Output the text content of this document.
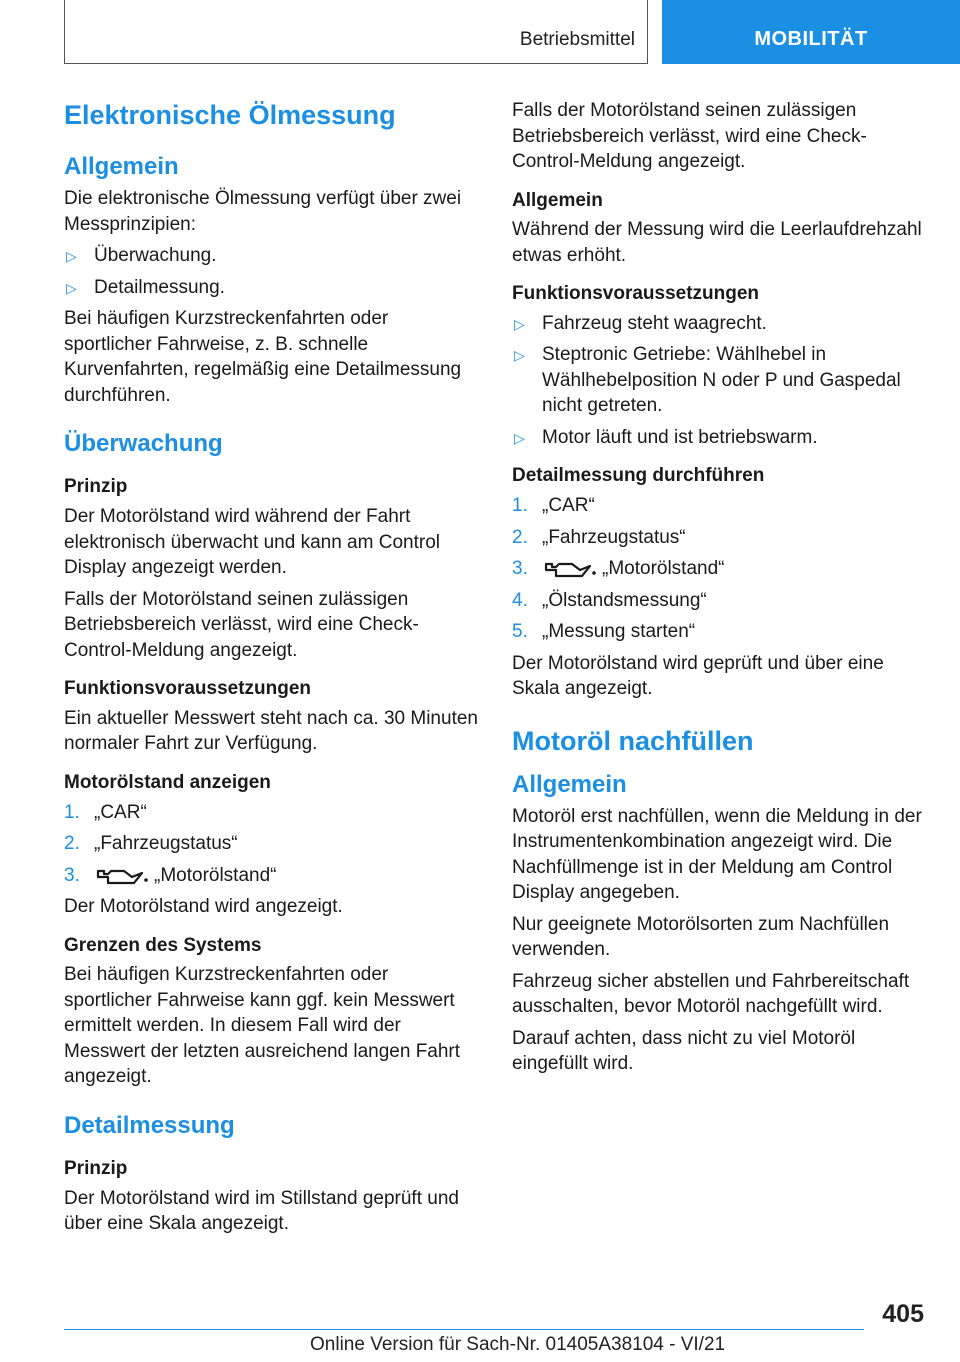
Betriebsmittel	MOBILITÄT
Elektronische Ölmessung
Allgemein

Die elektronische Ölmessung verfügt über zwei Messprinzipien:

▷ Überwachung.
▷ Detailmessung.

Bei häufigen Kurzstreckenfahrten oder sportlicher Fahrweise, z. B. schnelle Kurvenfahrten, regelmäßig eine Detailmessung durchführen.

Überwachung
Prinzip

Der Motorölstand wird während der Fahrt elektronisch überwacht und kann am Control Display angezeigt werden.

Falls der Motorölstand seinen zulässigen Betriebsbereich verlässt, wird eine Check-Control-Meldung angezeigt.

Funktionsvoraussetzungen

Ein aktueller Messwert steht nach ca. 30 Minuten normaler Fahrt zur Verfügung.

Motorölstand anzeigen
1. „CAR“
2. „Fahrzeugstatus“
3.	„Motorölstand“

Der Motorölstand wird angezeigt.

Grenzen des Systems

Bei häufigen Kurzstreckenfahrten oder sportlicher Fahrweise kann ggf. kein Messwert ermittelt werden. In diesem Fall wird der Messwert der letzten ausreichend langen Fahrt angezeigt.

Detailmessung
Prinzip

Der Motorölstand wird im Stillstand geprüft und über eine Skala angezeigt.

Falls der Motorölstand seinen zulässigen Betriebsbereich verlässt, wird eine Check-Control-Meldung angezeigt.

Allgemein

Während der Messung wird die Leerlaufdrehzahl etwas erhöht.

Funktionsvoraussetzungen
▷ Fahrzeug steht waagrecht.
▷ Steptronic Getriebe: Wählhebel in Wählhebelposition N oder P und Gaspedal nicht getreten.
▷ Motor läuft und ist betriebswarm.
Detailmessung durchführen
1. „CAR“
2. „Fahrzeugstatus“
3.	„Motorölstand“
4. „Ölstandsmessung“
5. „Messung starten“

Der Motorölstand wird geprüft und über eine Skala angezeigt.

Motoröl nachfüllen
Allgemein

Motoröl erst nachfüllen, wenn die Meldung in der Instrumentenkombination angezeigt wird. Die Nachfüllmenge ist in der Meldung am Control Display angegeben.

Nur geeignete Motorölsorten zum Nachfüllen verwenden.

Fahrzeug sicher abstellen und Fahrbereitschaft ausschalten, bevor Motoröl nachgefüllt wird.

Darauf achten, dass nicht zu viel Motoröl eingefüllt wird.

405
Online Version für Sach-Nr. 01405A38104 - VI/21
